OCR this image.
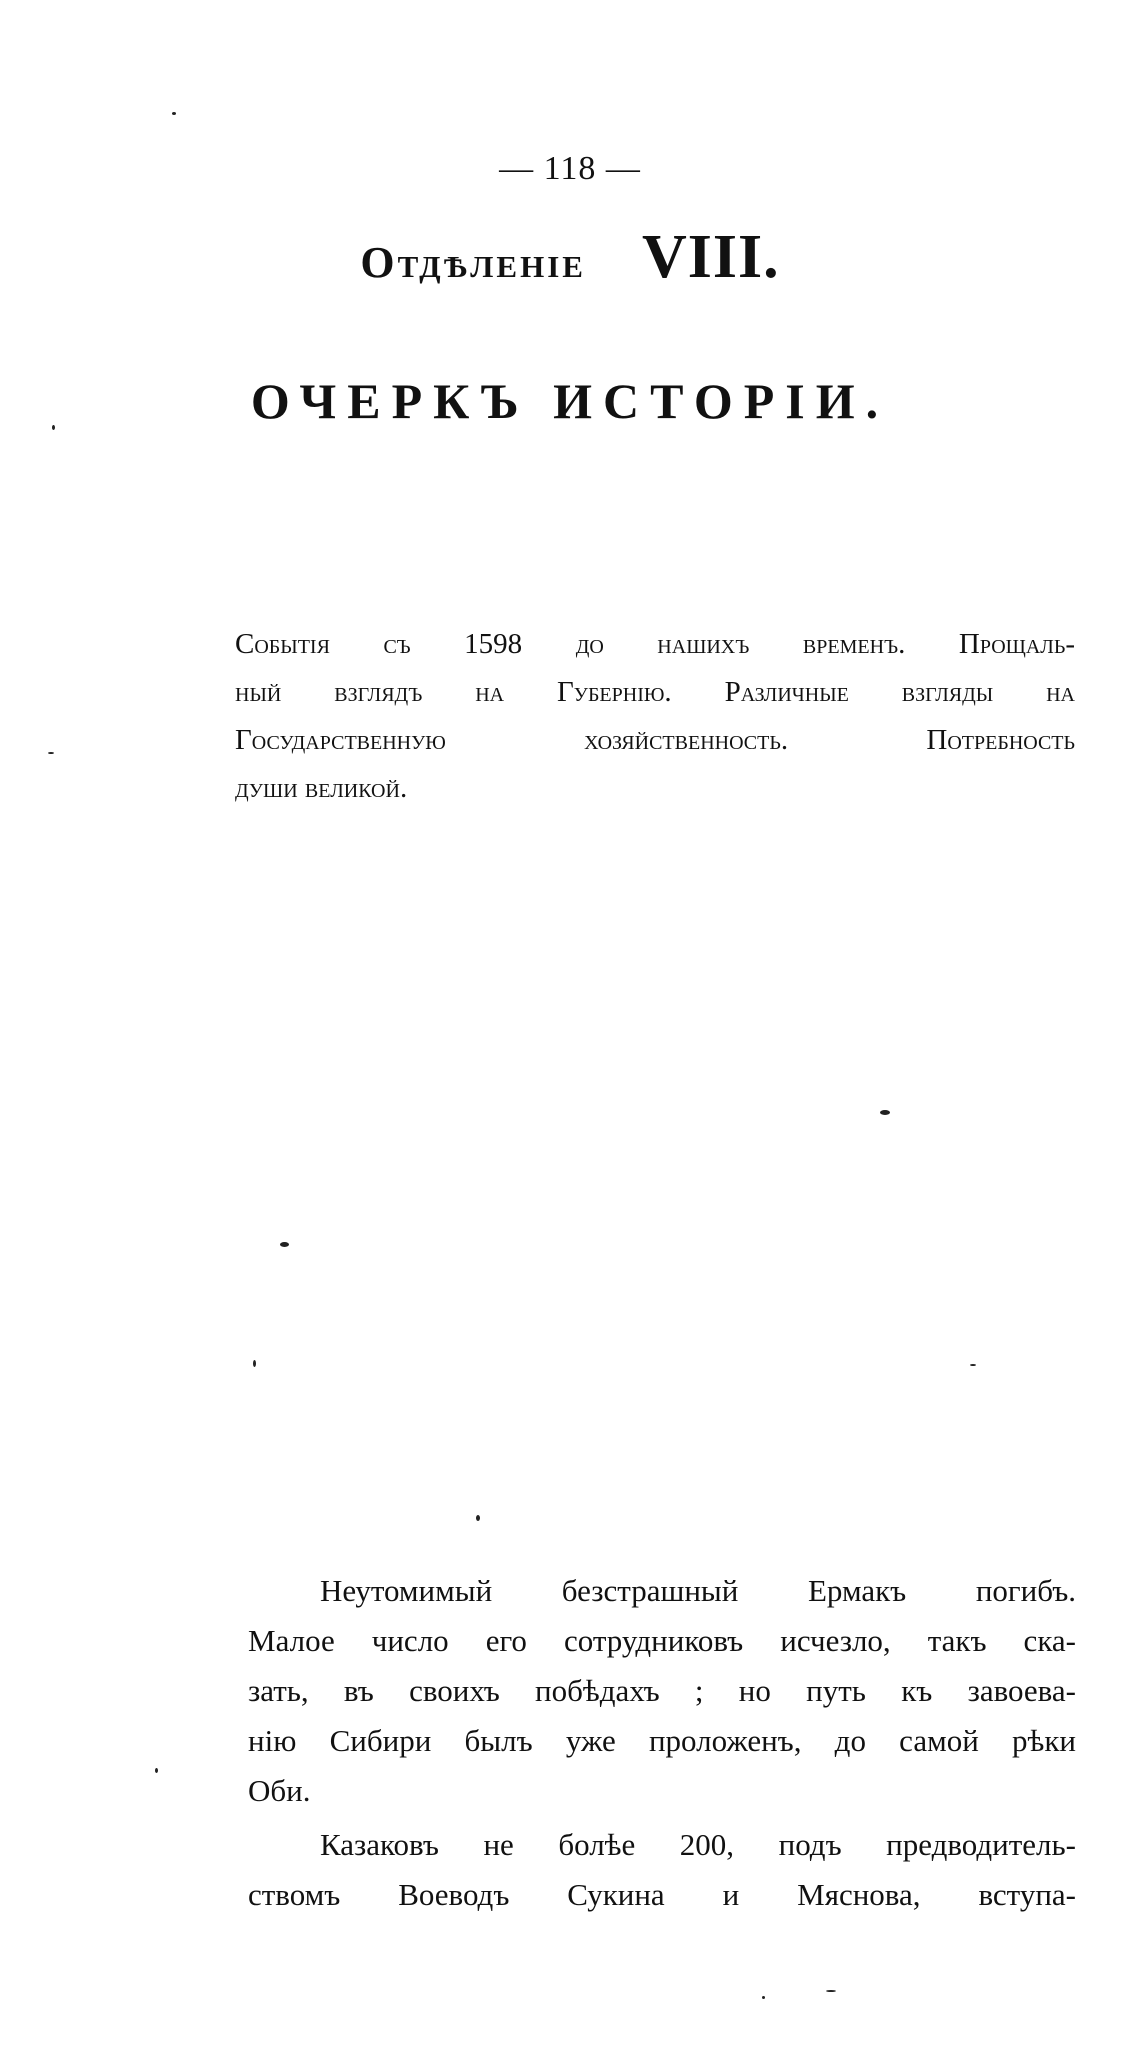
— 118 —
Отдѣленіе VIII.
ОЧЕРКЪ ИСТОРІИ.
Событія съ 1598 до нашихъ временъ. Прощаль-
ный взглядъ на Губернію. Различные взгляды на
Государственную хозяйственность. Потребность
души великой.
Неутомимый безстрашный Ермакъ погибъ.
Малое число его сотрудниковъ исчезло, такъ ска-
зать, въ своихъ побѣдахъ ; но путь къ завоева-
нію Сибири былъ уже проложенъ, до самой рѣки
Оби.
Казаковъ не болѣе 200, подъ предводитель-
ствомъ Воеводъ Сукина и Мяснова, вступа-
